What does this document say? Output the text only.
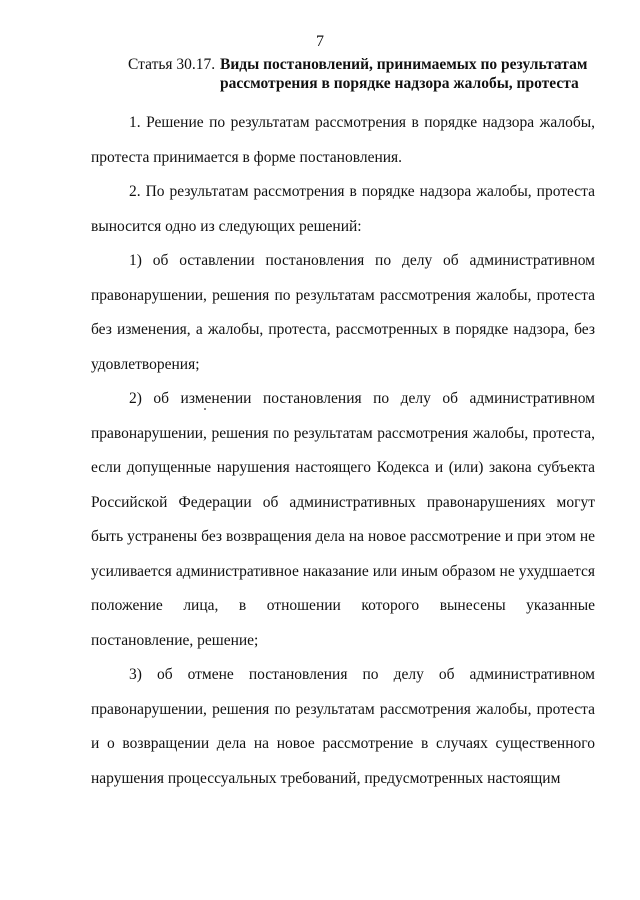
7
Статья 30.17. Виды постановлений, принимаемых по результатам рассмотрения в порядке надзора жалобы, протеста

1. Решение по результатам рассмотрения в порядке надзора жалобы, протеста принимается в форме постановления.

2. По результатам рассмотрения в порядке надзора жалобы, протеста выносится одно из следующих решений:

1) об оставлении постановления по делу об административном правонарушении, решения по результатам рассмотрения жалобы, протеста без изменения, а жалобы, протеста, рассмотренных в порядке надзора, без удовлетворения;

2) об изменении постановления по делу об административном правонарушении, решения по результатам рассмотрения жалобы, протеста, если допущенные нарушения настоящего Кодекса и (или) закона субъекта Российской Федерации об административных правонарушениях могут быть устранены без возвращения дела на новое рассмотрение и при этом не усиливается административное наказание или иным образом не ухудшается положение лица, в отношении которого вынесены указанные постановление, решение;

3) об отмене постановления по делу об административном правонарушении, решения по результатам рассмотрения жалобы, протеста и о возвращении дела на новое рассмотрение в случаях существенного нарушения процессуальных требований, предусмотренных настоящим
